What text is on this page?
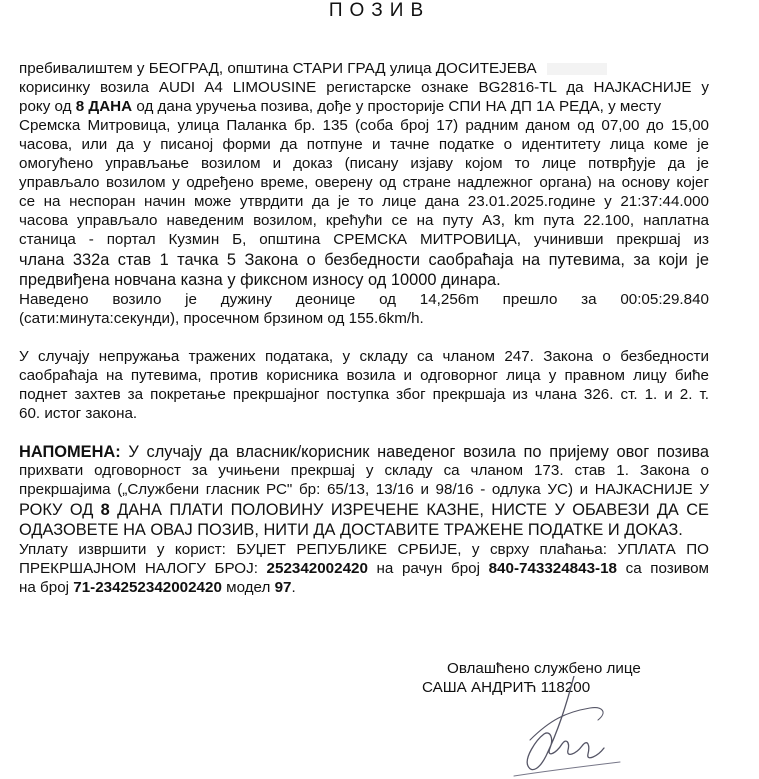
ПОЗИВ
пребивалиштем у БЕОГРАД, општина СТАРИ ГРАД улица ДОСИТЕЈЕВА
корисинку возила AUDI A4 LIMOUSINE регистарске ознаке BG2816-TL да НАЈКАСНИЈЕ у
року од 8 ДАНА од дана уручења позива, дође у просторије СПИ НА ДП 1А РЕДА, у месту
Сремска Митровица, улица Паланка бр. 135 (соба број 17) радним даном од 07,00 до 15,00
часова, или да у писаној форми да потпуне и тачне податке о идентитету лица коме је
омогућено управљање возилом и доказ (писану изјаву којом то лице потврђује да је
управљало возилом у одређено време, оверену од стране надлежног органа) на основу којег
се на неспоран начин може утврдити да је то лице дана 23.01.2025.године у 21:37:44.000
часова управљало наведеним возилом, крећући се на путу А3, km пута 22.100, наплатна
станица - портал Кузмин Б, општина СРЕМСКА МИТРОВИЦА, учинивши прекршај из
члана 332а став 1 тачка 5 Закона о безбедности саобраћаја на путевима, за који је
предвиђена новчана казна у фиксном износу од 10000 динара.
Наведено возило је дужину деонице од 14,256m прешло за 00:05:29.840
(сати:минута:секунди), просечном брзином од 155.6km/h.
У случају непружања тражених података, у складу са чланом 247. Закона о безбедности
саобраћаја на путевима, против корисника возила и одговорног лица у правном лицу биће
поднет захтев за покретање прекршајног поступка због прекршаја из члана 326. ст. 1. и 2. т.
60. истог закона.
НАПОМЕНА: У случају да власник/корисник наведеног возила по пријему овог позива
прихвати одговорност за учињени прекршај у складу са чланом 173. став 1. Закона о
прекршајима („Службени гласник РС" бр: 65/13, 13/16 и 98/16 - одлука УС) и НАЈКАСНИЈЕ У
РОКУ ОД 8 ДАНА ПЛАТИ ПОЛОВИНУ ИЗРЕЧЕНЕ КАЗНЕ, НИСТЕ У ОБАВЕЗИ ДА СЕ
ОДАЗОВЕТЕ НА ОВАЈ ПОЗИВ, НИТИ ДА ДОСТАВИТЕ ТРАЖЕНЕ ПОДАТКЕ И ДОКАЗ.
Уплату извршити у корист: БУЏЕТ РЕПУБЛИКЕ СРБИЈЕ, у сврху плаћања: УПЛАТА ПО
ПРЕКРШАЈНОМ НАЛОГУ БРОЈ: 252342002420 на рачун број 840-743324843-18 са позивом
на број 71-234252342002420 модел 97.
Овлашћено службено лице
САША АНДРИЋ 118200
